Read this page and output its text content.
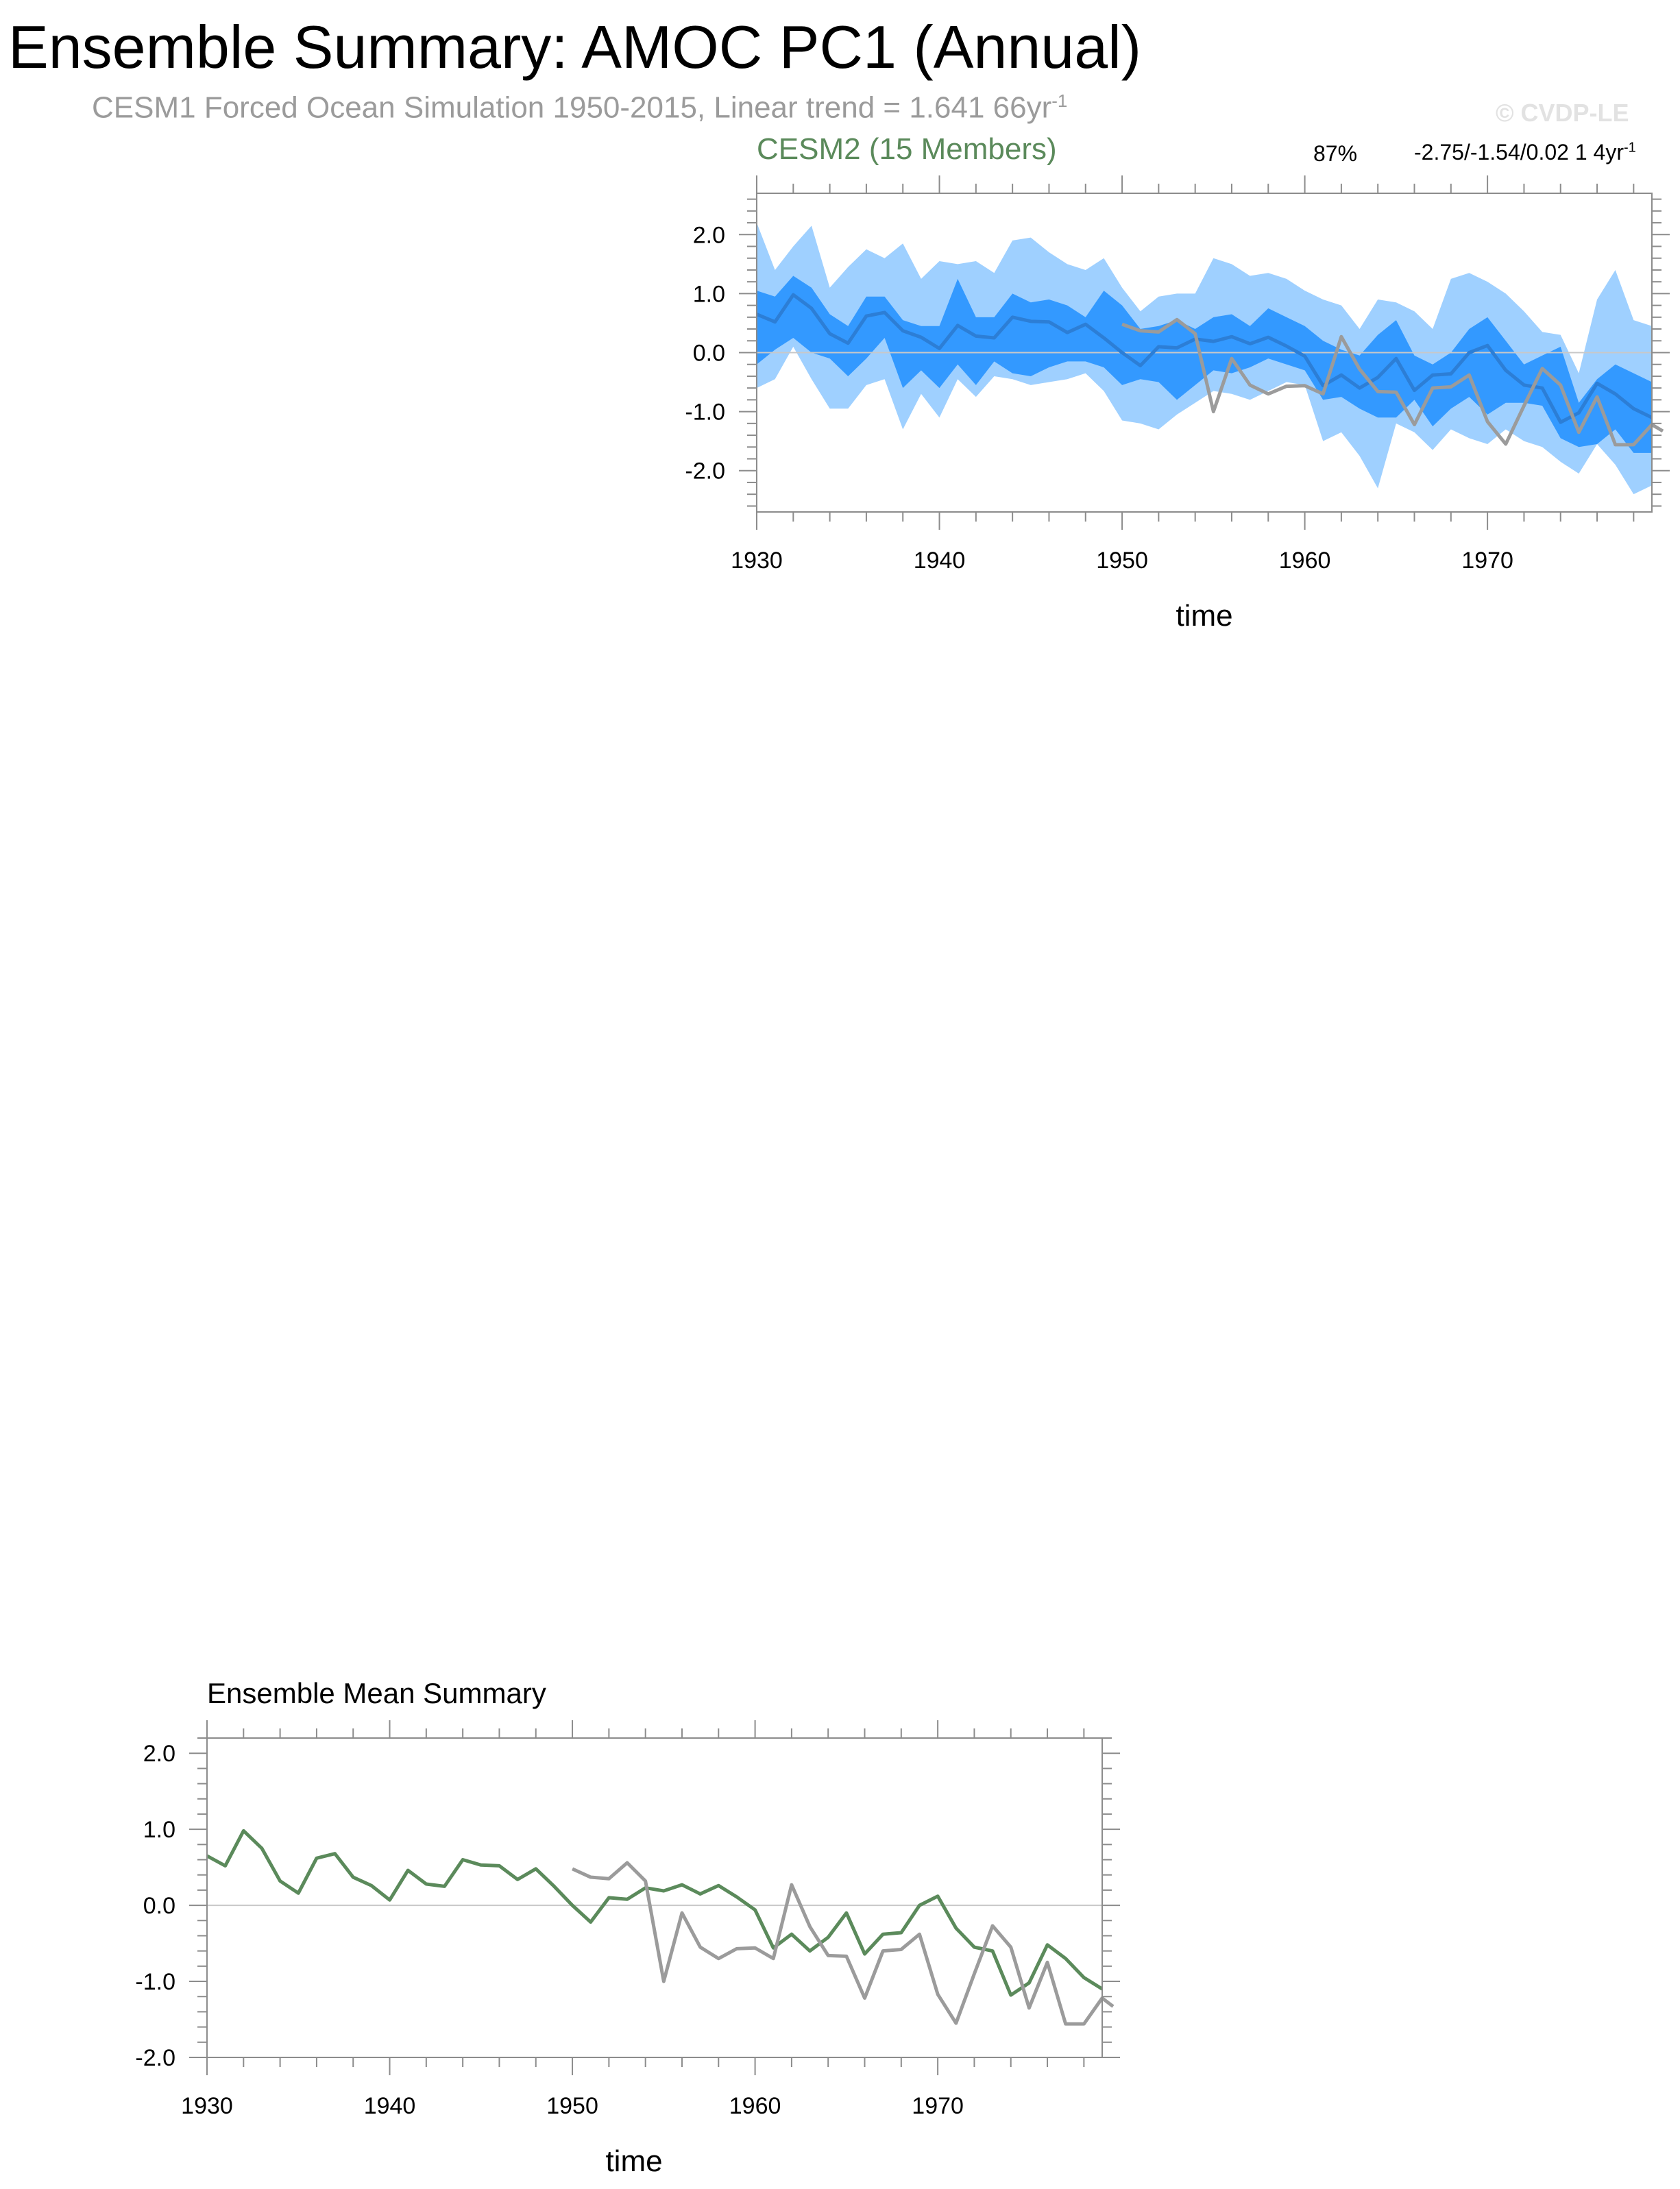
Ensemble Summary: AMOC PC1 (Annual)
CESM1 Forced Ocean Simulation 1950-2015, Linear trend = 1.641 $66yr^{-1}$	© CVDP-LE
CESM2 (15 Members)	87%	-2.75/-1.54/0.02 1 $4yr^{-1}$
Ensemble Mean Summary
1930	1940	1950	1960	1970
2.0
1.0
0.0
-1.0
-2.0
time
1930	1940	1950	1960	1970
2.0
1.0
0.0
-1.0
-2.0
time
